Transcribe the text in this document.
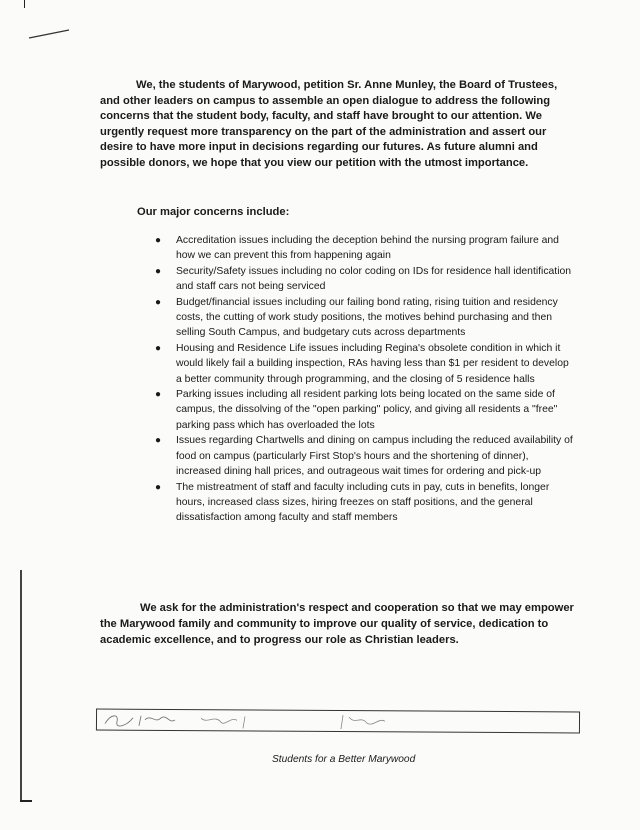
We, the students of Marywood, petition Sr. Anne Munley, the Board of Trustees, and other leaders on campus to assemble an open dialogue to address the following concerns that the student body, faculty, and staff have brought to our attention. We urgently request more transparency on the part of the administration and assert our desire to have more input in decisions regarding our futures. As future alumni and possible donors, we hope that you view our petition with the utmost importance.

Our major concerns include:

● Accreditation issues including the deception behind the nursing program failure and how we can prevent this from happening again
● Security/Safety issues including no color coding on IDs for residence hall identification and staff cars not being serviced
● Budget/financial issues including our failing bond rating, rising tuition and residency costs, the cutting of work study positions, the motives behind purchasing and then selling South Campus, and budgetary cuts across departments
● Housing and Residence Life issues including Regina's obsolete condition in which it would likely fail a building inspection, RAs having less than $1 per resident to develop a better community through programming, and the closing of 5 residence halls
● Parking issues including all resident parking lots being located on the same side of campus, the dissolving of the "open parking" policy, and giving all residents a "free" parking pass which has overloaded the lots
● Issues regarding Chartwells and dining on campus including the reduced availability of food on campus (particularly First Stop's hours and the shortening of dinner), increased dining hall prices, and outrageous wait times for ordering and pick-up
● The mistreatment of staff and faculty including cuts in pay, cuts in benefits, longer hours, increased class sizes, hiring freezes on staff positions, and the general dissatisfaction among faculty and staff members

We ask for the administration's respect and cooperation so that we may empower the Marywood family and community to improve our quality of service, dedication to academic excellence, and to progress our role as Christian leaders.

Students for a Better Marywood
